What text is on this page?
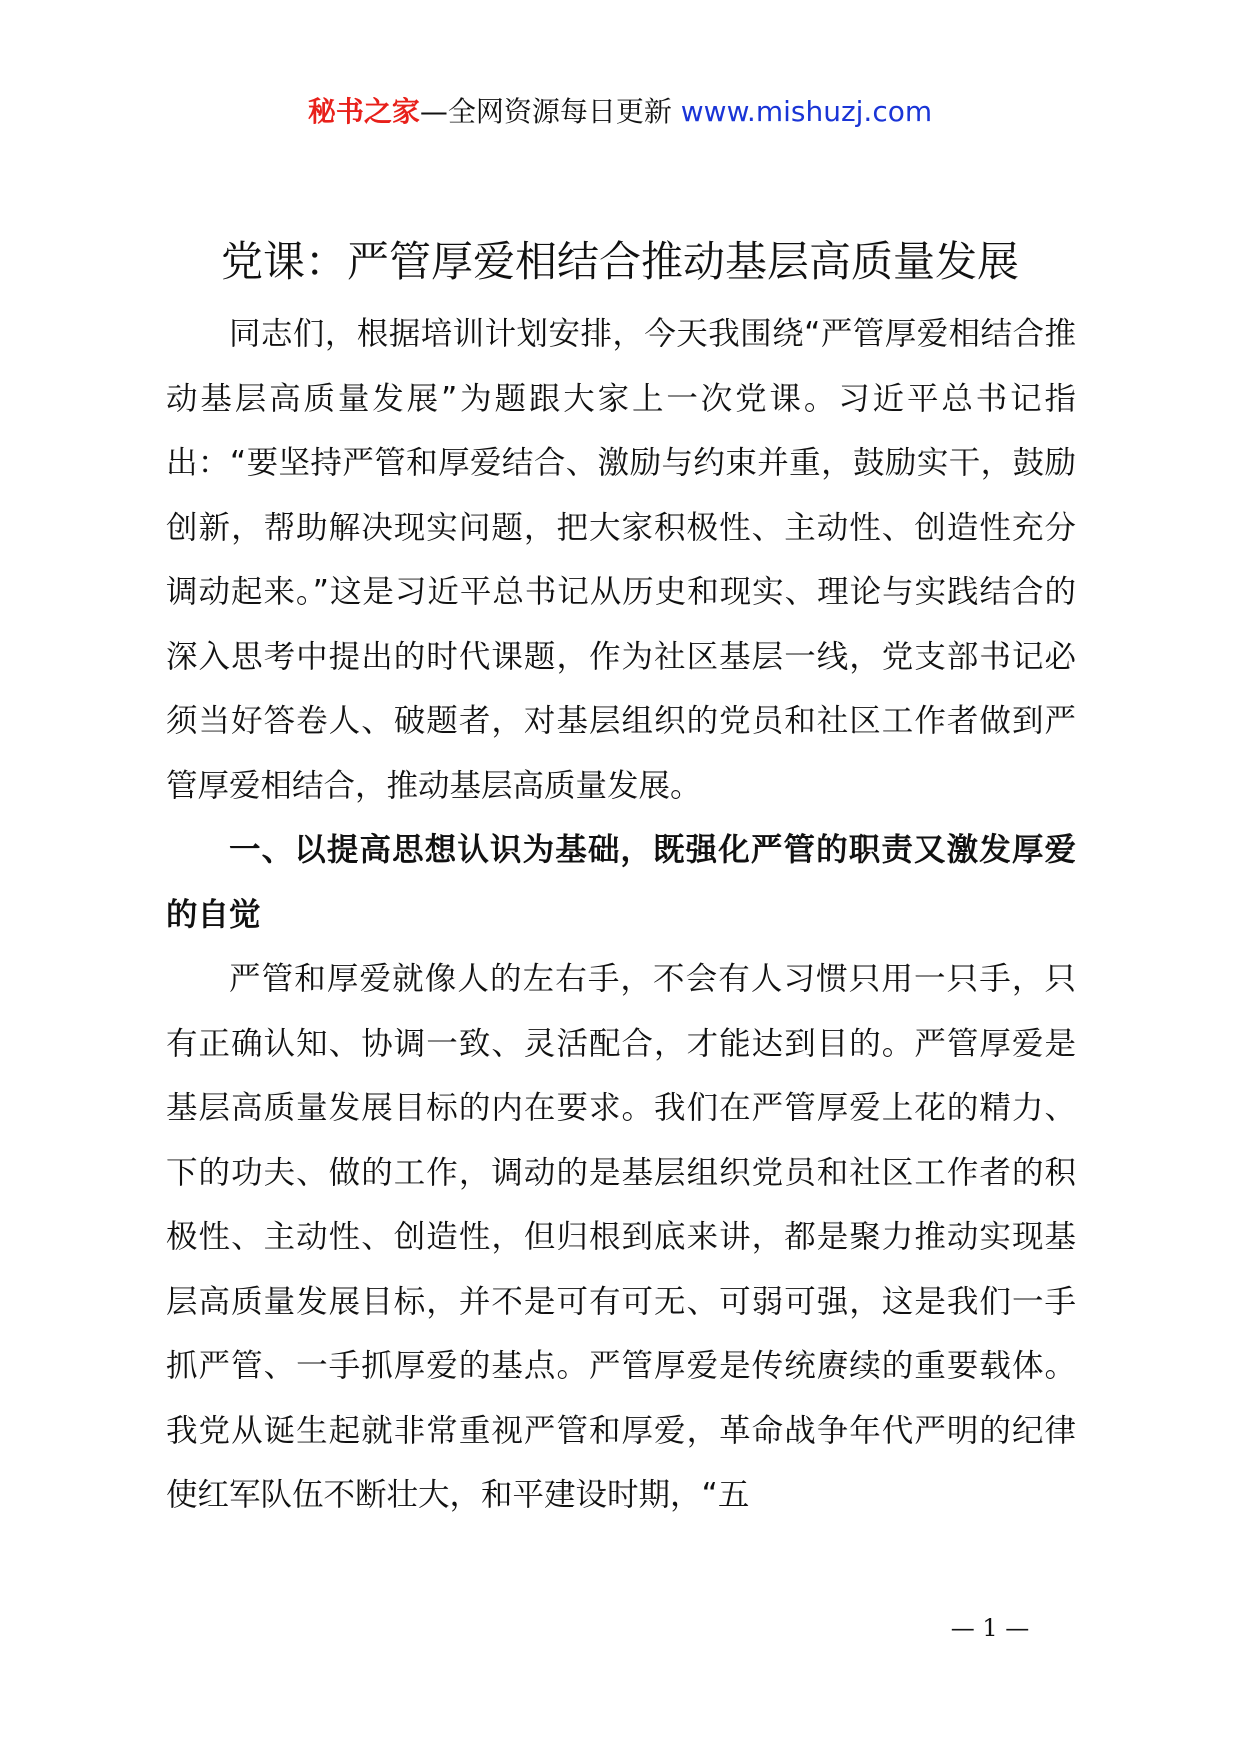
秘书之家—全网资源每日更新 www.mishuzj.com
党课：严管厚爱相结合推动基层高质量发展

同志们，根据培训计划安排，今天我围绕“严管厚爱相结合推动基层高质量发展”为题跟大家上一次党课。习近平总书记指出：“要坚持严管和厚爱结合、激励与约束并重，鼓励实干，鼓励创新，帮助解决现实问题，把大家积极性、主动性、创造性充分调动起来。”这是习近平总书记从历史和现实、理论与实践结合的深入思考中提出的时代课题，作为社区基层一线，党支部书记必须当好答卷人、破题者，对基层组织的党员和社区工作者做到严管厚爱相结合，推动基层高质量发展。

一、以提高思想认识为基础，既强化严管的职责又激发厚爱的自觉

严管和厚爱就像人的左右手，不会有人习惯只用一只手，只有正确认知、协调一致、灵活配合，才能达到目的。严管厚爱是基层高质量发展目标的内在要求。我们在严管厚爱上花的精力、下的功夫、做的工作，调动的是基层组织党员和社区工作者的积极性、主动性、创造性，但归根到底来讲，都是聚力推动实现基层高质量发展目标，并不是可有可无、可弱可强，这是我们一手抓严管、一手抓厚爱的基点。严管厚爱是传统赓续的重要载体。我党从诞生起就非常重视严管和厚爱，革命战争年代严明的纪律使红军队伍不断壮大，和平建设时期，“五

— 1 —
